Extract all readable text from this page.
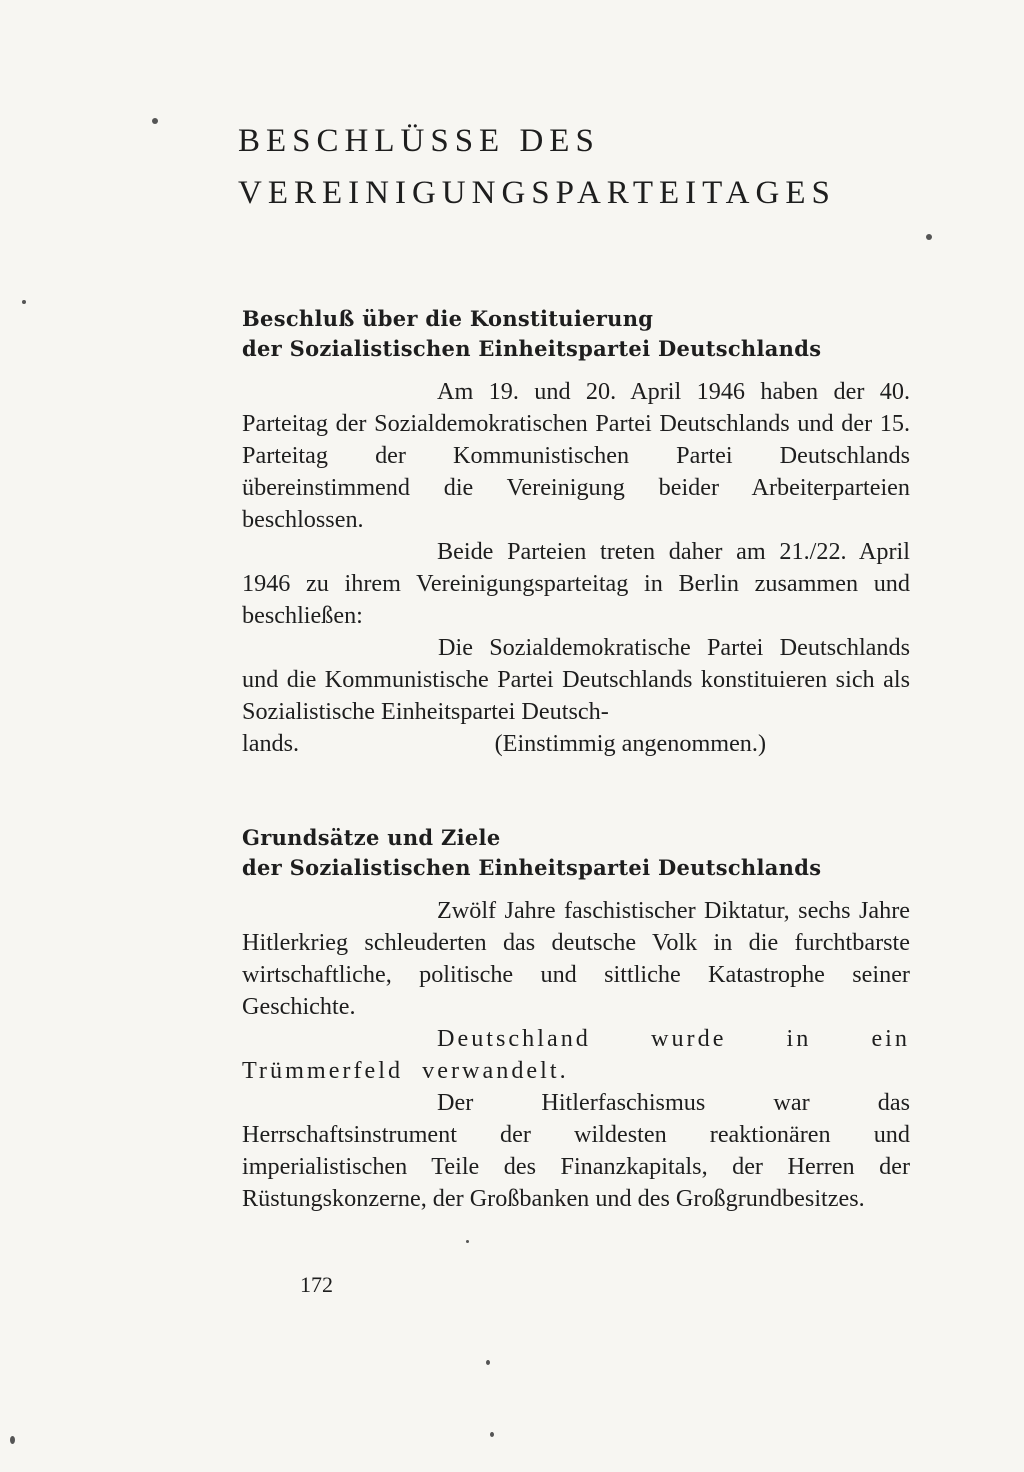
BESCHLÜSSE DES
VEREINIGUNGSPARTEITAGES
Beschluß über die Konstituierung
der Sozialistischen Einheitspartei Deutschlands
Am 19. und 20. April 1946 haben der 40. Parteitag der Sozialdemokratischen Partei Deutschlands und der 15. Parteitag der Kommunistischen Partei Deutschlands übereinstimmend die Vereinigung beider Arbeiterparteien beschlossen.
Beide Parteien treten daher am 21./22. April 1946 zu ihrem Vereinigungsparteitag in Berlin zusammen und beschließen:
Die Sozialdemokratische Partei Deutschlands und die Kommunistische Partei Deutschlands konstituieren sich als Sozialistische Einheitspartei Deutsch-
lands.	(Einstimmig angenommen.)
Grundsätze und Ziele
der Sozialistischen Einheitspartei Deutschlands
Zwölf Jahre faschistischer Diktatur, sechs Jahre Hitlerkrieg schleuderten das deutsche Volk in die furchtbarste wirtschaftliche, politische und sittliche Katastrophe seiner Geschichte.
Deutschland wurde in ein Trümmerfeld verwandelt.
Der Hitlerfaschismus war das Herrschaftsinstrument der wildesten reaktionären und imperialistischen Teile des Finanzkapitals, der Herren der Rüstungskonzerne, der Großbanken und des Großgrundbesitzes.
172
